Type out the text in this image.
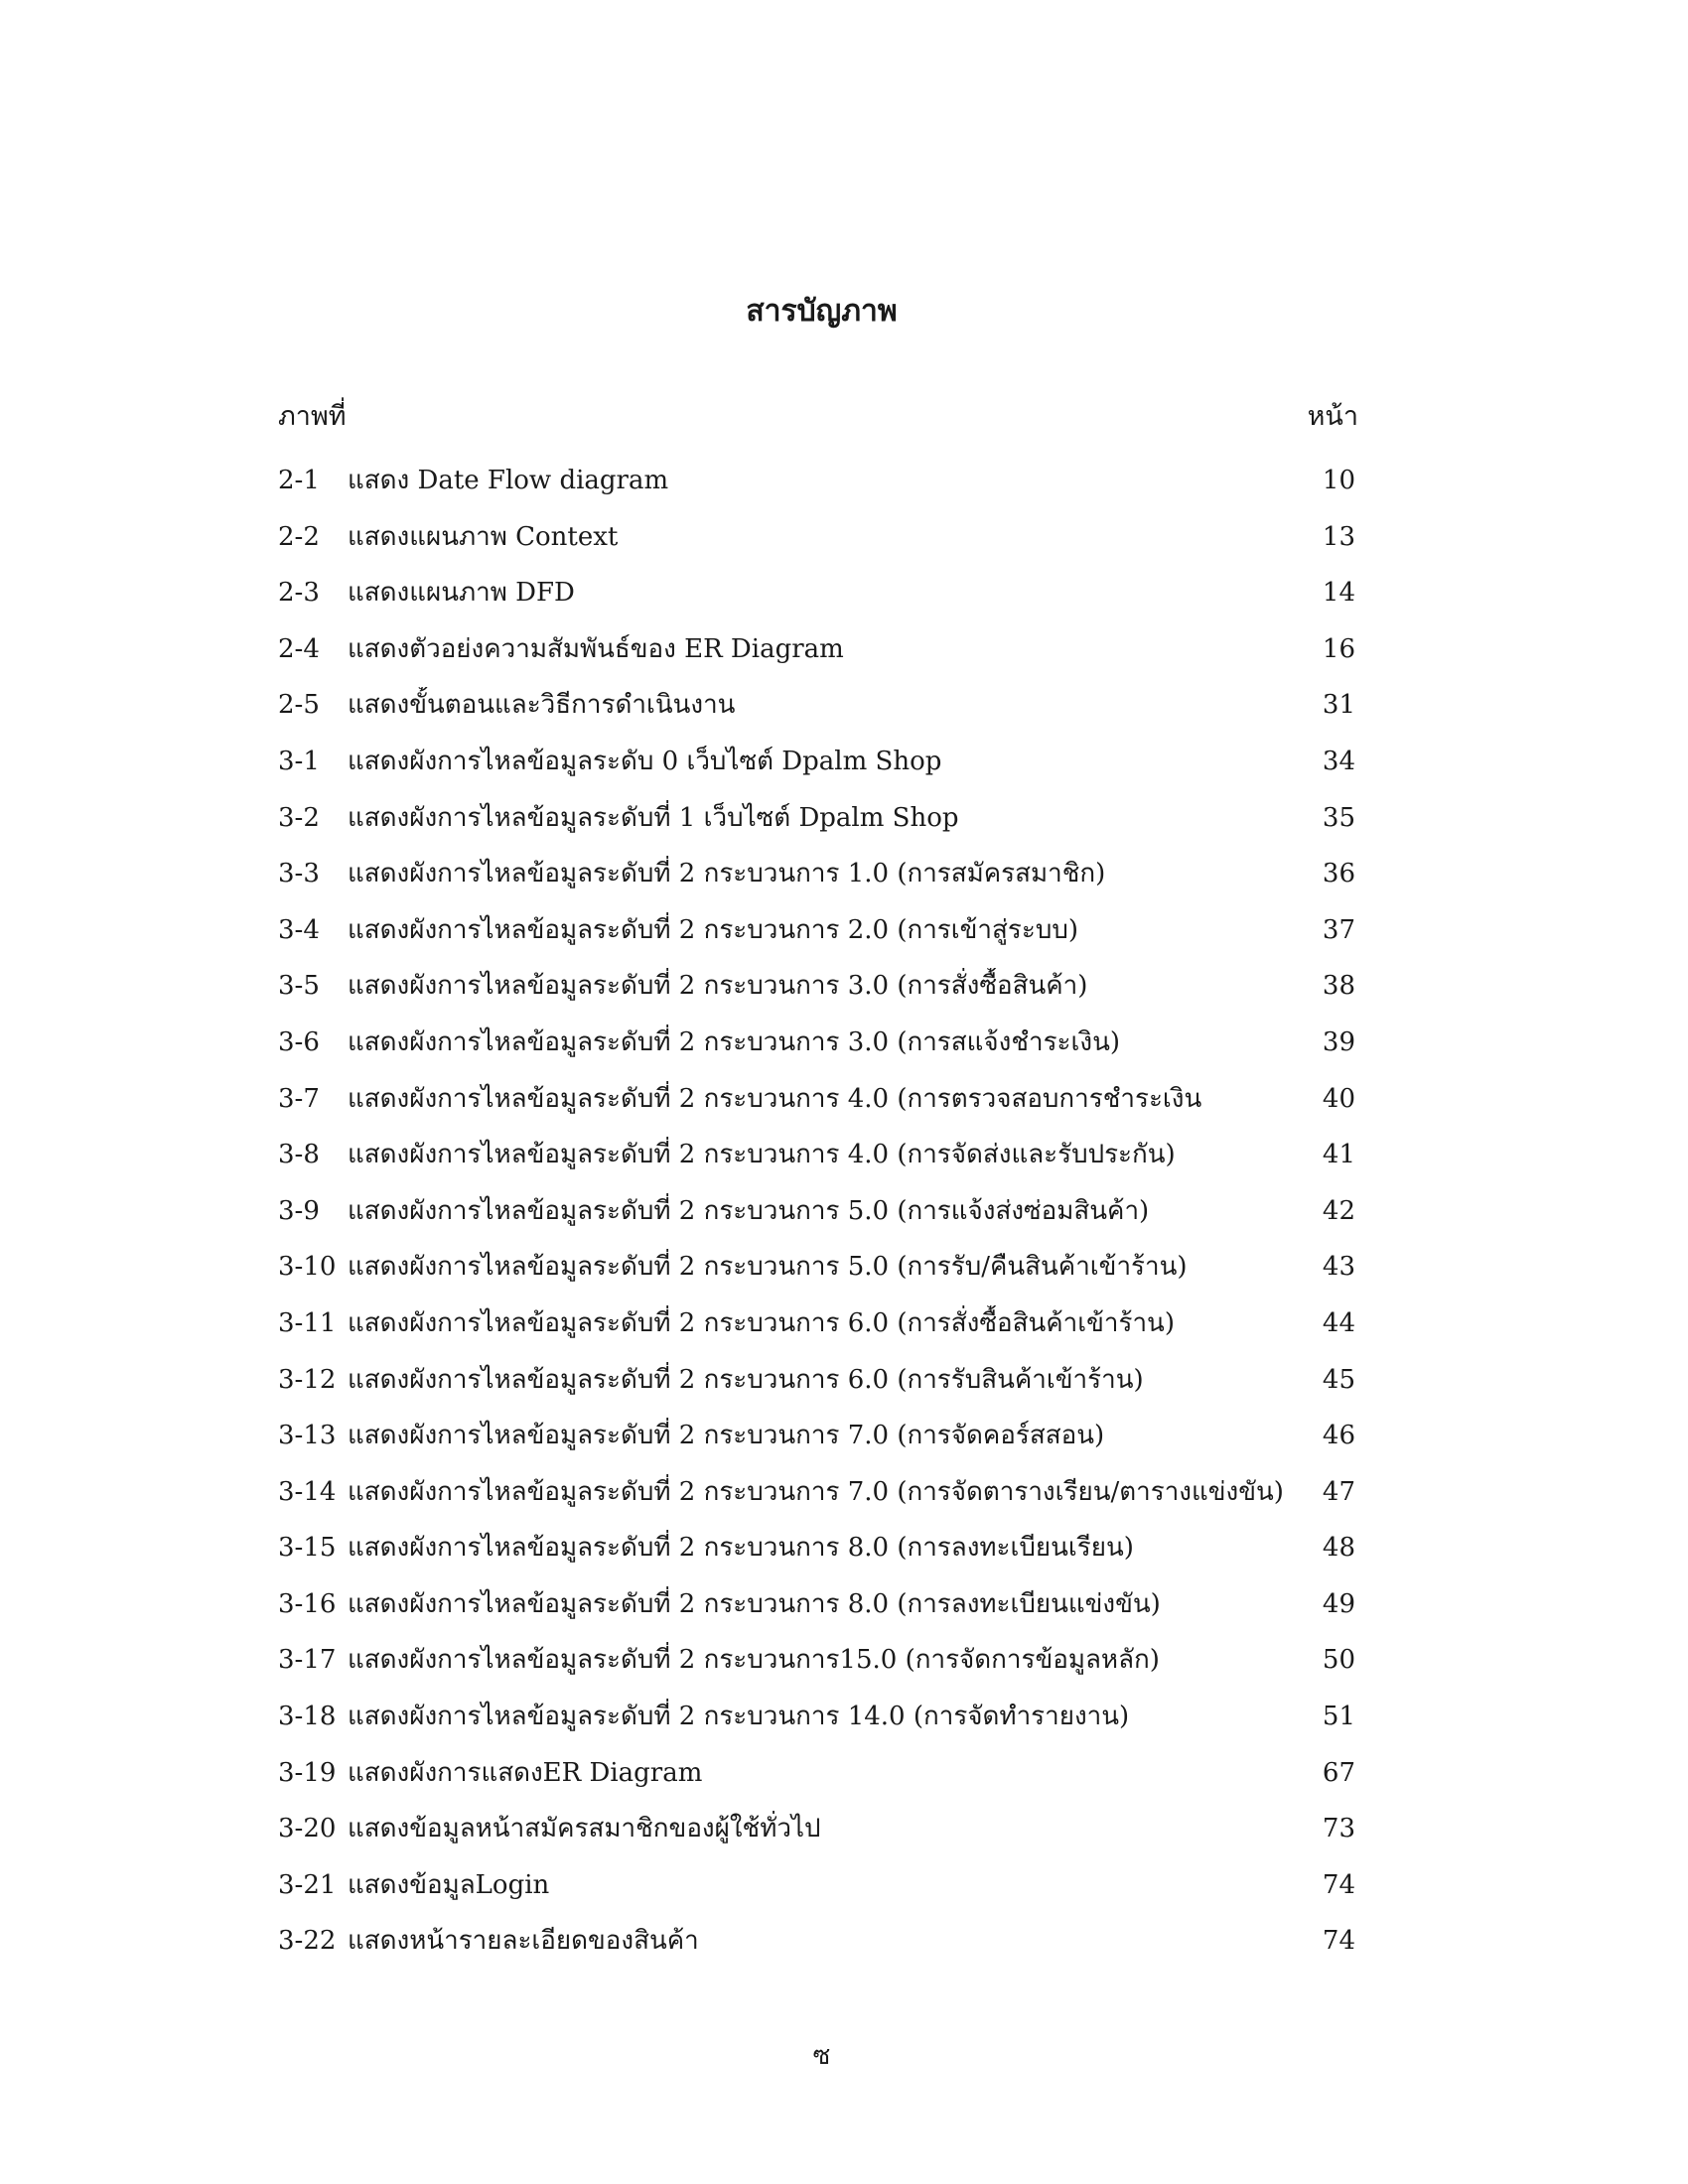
สารบัญภาพ
ภาพที่	หน้า
2-1	แสดง Date Flow diagram	10
2-2	แสดงแผนภาพ Context	13
2-3	แสดงแผนภาพ DFD	14
2-4	แสดงตัวอย่งความสัมพันธ์ของ ER Diagram	16
2-5	แสดงขั้นตอนและวิธีการดำเนินงาน	31
3-1	แสดงผังการไหลข้อมูลระดับ 0 เว็บไซต์ Dpalm Shop	34
3-2	แสดงผังการไหลข้อมูลระดับที่ 1 เว็บไซต์ Dpalm Shop	35
3-3	แสดงผังการไหลข้อมูลระดับที่ 2 กระบวนการ 1.0 (การสมัครสมาชิก)	36
3-4	แสดงผังการไหลข้อมูลระดับที่ 2 กระบวนการ 2.0 (การเข้าสู่ระบบ)	37
3-5	แสดงผังการไหลข้อมูลระดับที่ 2 กระบวนการ 3.0 (การสั่งซื้อสินค้า)	38
3-6	แสดงผังการไหลข้อมูลระดับที่ 2 กระบวนการ 3.0 (การสแจ้งชำระเงิน)	39
3-7	แสดงผังการไหลข้อมูลระดับที่ 2 กระบวนการ 4.0 (การตรวจสอบการชำระเงิน	40
3-8	แสดงผังการไหลข้อมูลระดับที่ 2 กระบวนการ 4.0 (การจัดส่งและรับประกัน)	41
3-9	แสดงผังการไหลข้อมูลระดับที่ 2 กระบวนการ 5.0 (การแจ้งส่งซ่อมสินค้า)	42
3-10 แสดงผังการไหลข้อมูลระดับที่ 2 กระบวนการ 5.0 (การรับ/คืนสินค้าเข้าร้าน)	43
3-11 แสดงผังการไหลข้อมูลระดับที่ 2 กระบวนการ 6.0 (การสั่งซื้อสินค้าเข้าร้าน)	44
3-12 แสดงผังการไหลข้อมูลระดับที่ 2 กระบวนการ 6.0 (การรับสินค้าเข้าร้าน)	45
3-13 แสดงผังการไหลข้อมูลระดับที่ 2 กระบวนการ 7.0 (การจัดคอร์สสอน)	46
3-14 แสดงผังการไหลข้อมูลระดับที่ 2 กระบวนการ 7.0 (การจัดตารางเรียน/ตารางแข่งขัน)	47
3-15 แสดงผังการไหลข้อมูลระดับที่ 2 กระบวนการ 8.0 (การลงทะเบียนเรียน)	48
3-16 แสดงผังการไหลข้อมูลระดับที่ 2 กระบวนการ 8.0 (การลงทะเบียนแข่งขัน)	49
3-17 แสดงผังการไหลข้อมูลระดับที่ 2 กระบวนการ15.0 (การจัดการข้อมูลหลัก)	50
3-18 แสดงผังการไหลข้อมูลระดับที่ 2 กระบวนการ 14.0 (การจัดทำรายงาน)	51
3-19 แสดงผังการแสดงER Diagram	67
3-20 แสดงข้อมูลหน้าสมัครสมาชิกของผู้ใช้ทั่วไป	73
3-21 แสดงข้อมูลLogin	74
3-22 แสดงหน้ารายละเอียดของสินค้า	74
ซ
